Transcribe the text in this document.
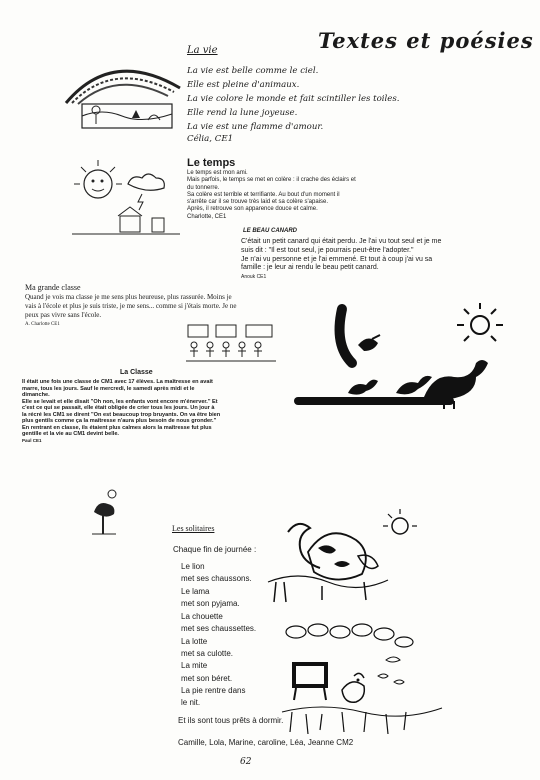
Textes et poésies
La vie
La vie est belle comme le ciel.
Elle est pleine d'animaux.
La vie colore le monde et fait scintiller les toiles.
Elle rend la lune joyeuse.
La vie est une flamme d'amour.
Célia, CE1
Le temps
Le temps est mon ami.
Mais parfois, le temps se met en colère : il crache des éclairs et
du tonnerre.
Sa colère est terrible et terrifiante. Au bout d'un moment il
s'arrête car il se trouve très laid et sa colère s'apaise.
Après, il retrouve son apparence douce et calme.
Charlotte, CE1
LE BEAU CANARD
C'était un petit canard qui était perdu. Je l'ai vu tout seul et je me
suis dit : "Il est tout seul, je pourrais peut-être l'adopter."
Je n'ai vu personne et je l'ai emmené. Et tout à coup j'ai vu sa
famille : je leur ai rendu le beau petit canard.
Anouk CE1
Ma grande classe
Quand je vois ma classe je me sens plus heureuse, plus rassurée. Moins je
vais à l'école et plus je suis triste, je me sens... comme si j'étais morte. Je ne
peux pas vivre sans l'école.
A. Charlotte CE1
La Classe
Il était une fois une classe de CM1 avec 17 élèves. La maîtresse en avait
marre, tous les jours. Sauf le mercredi, le samedi après midi et le
dimanche.
Elle se levait et elle disait "Oh non, les enfants vont encore m'énerver." Et
c'est ce qui se passait, elle était obligée de crier tous les jours. Un jour à
la récré les CM1 se dirent "On est beaucoup trop bruyants. On va être bien
plus gentils comme ça la maîtresse n'aura plus besoin de nous gronder."
En rentrant en classe, ils étaient plus calmes alors la maîtresse fut plus
gentille et la vie au CM1 devint belle.
Paul CE1
Les solitaires
Chaque fin de journée :
Le lion
met ses chaussons.
Le lama
met son pyjama.
La chouette
met ses chaussettes.
La lotte
met sa culotte.
La mite
met son béret.
La pie rentre dans
le nit.
Et ils sont tous prêts à dormir.
Camille, Lola, Marine, caroline, Léa, Jeanne CM2
62
